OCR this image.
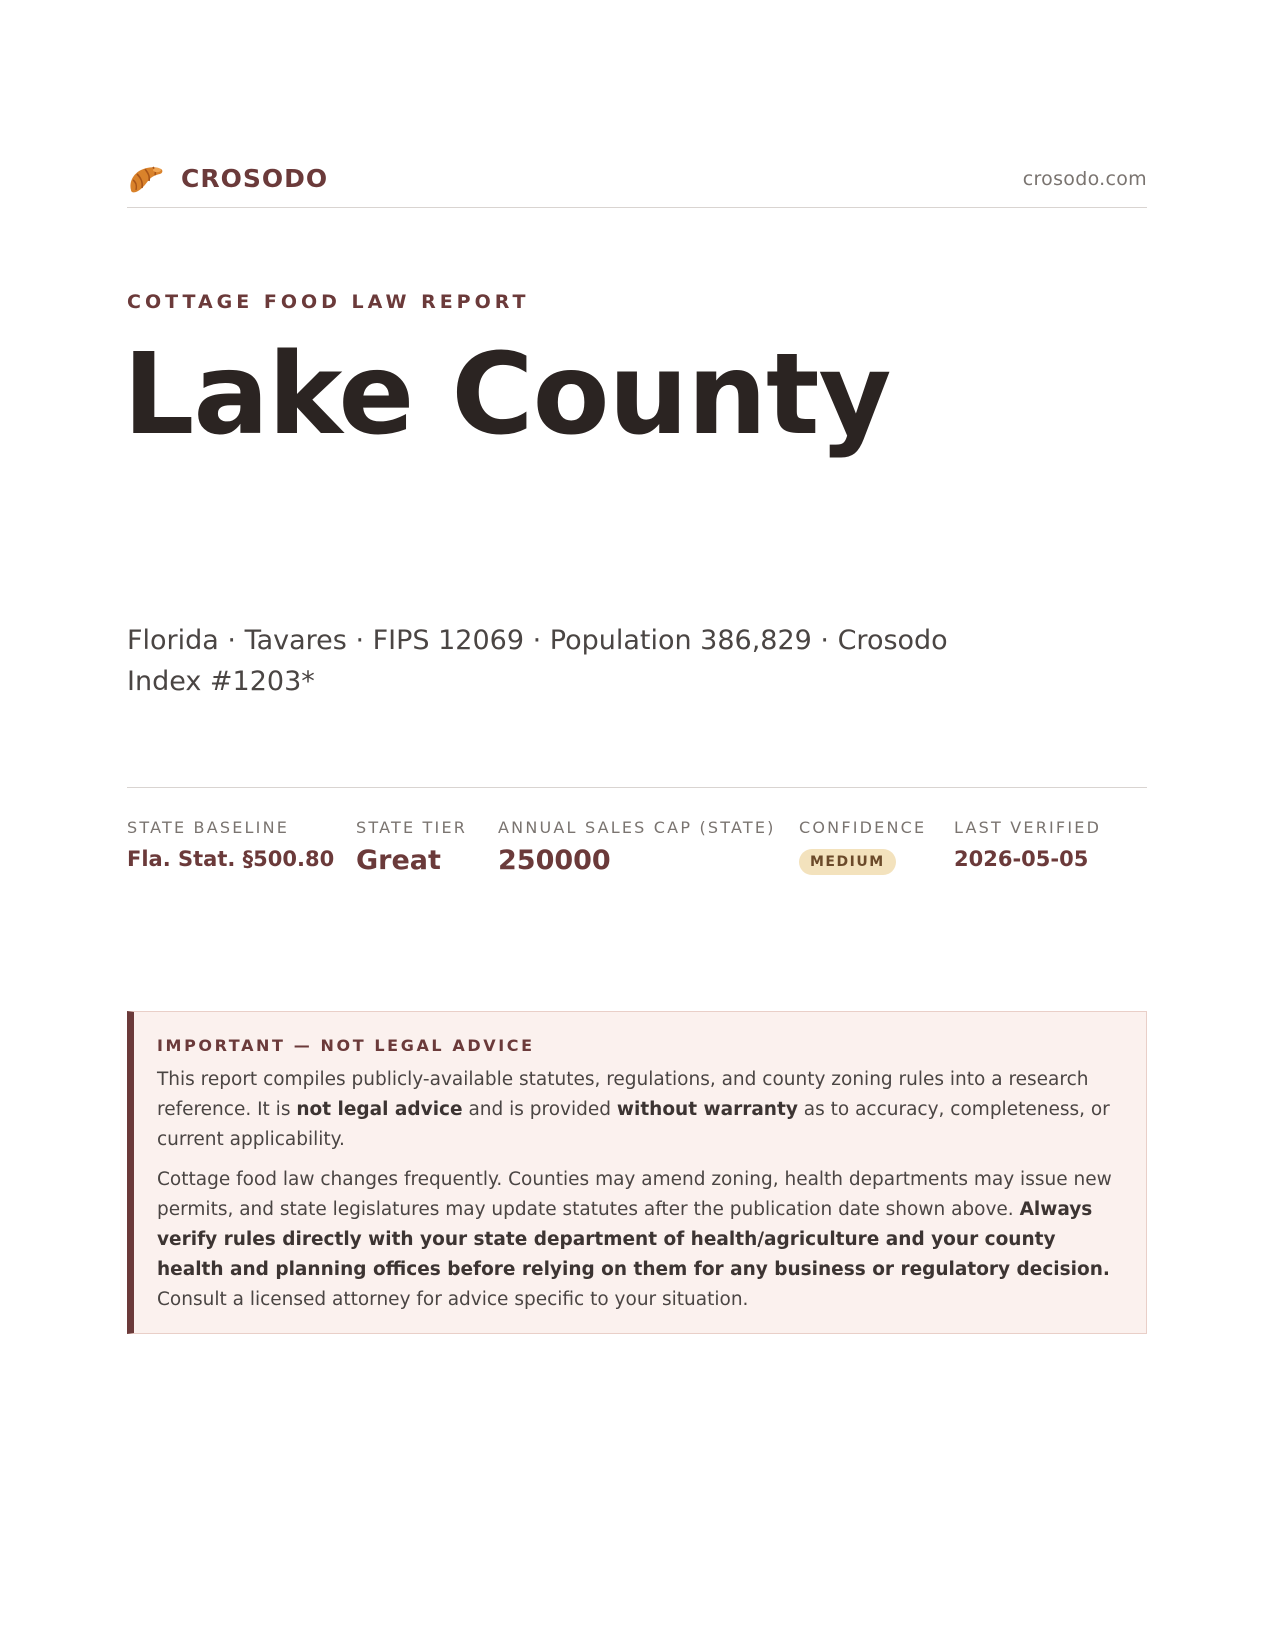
CROSODO	crosodo.com
COTTAGE FOOD LAW REPORT
Lake County
Florida · Tavares · FIPS 12069 · Population 386,829 · Crosodo Index #1203*
STATE BASELINE
Fla. Stat. §500.80
STATE TIER
Great
ANNUAL SALES CAP (STATE)
250000
CONFIDENCE
MEDIUM
LAST VERIFIED
2026-05-05
IMPORTANT — NOT LEGAL ADVICE

This report compiles publicly-available statutes, regulations, and county zoning rules into a research reference. It is not legal advice and is provided without warranty as to accuracy, completeness, or current applicability.

Cottage food law changes frequently. Counties may amend zoning, health departments may issue new permits, and state legislatures may update statutes after the publication date shown above. Always verify rules directly with your state department of health/agriculture and your county health and planning offices before relying on them for any business or regulatory decision. Consult a licensed attorney for advice specific to your situation.
